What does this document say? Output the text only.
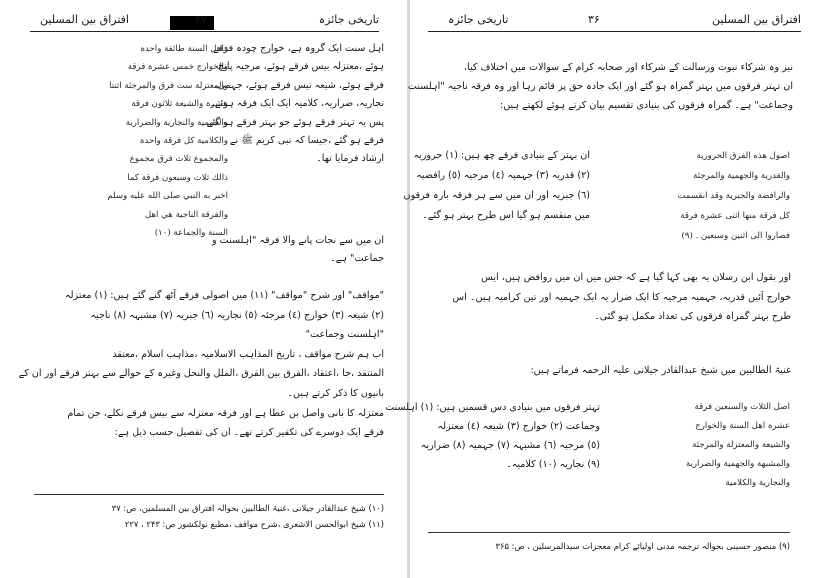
تاریخی جائزہ
۳۷
افتراق بین المسلین
اہل سنت ایک گروہ ہے، خوارج چودہ فرقے
ہوئے ،معتزلہ بیس فرقے ہوئے، مرجیہ پانچ
فرقے ہوئے، شیعہ تیس فرقے ہوئے، جہمی،
نجاریہ، ضراریہ، کلامیہ ایک ایک فرقہ ہوئے۔
پس یہ تہتر فرقے ہوئے جو بہتر فرقے ہو گئے۔
فرقے ہو گئے ،جیسا کہ نبی کریم ﷺ نے
ارشاد فرمایا تھا۔
فاهل السنة طائفة واحدة
والخوارج خمس عشرة فرقة
والمعتزلة ست فرق والمرجئة اثنتا
عشرة والشيعة ثلاثون فرقة
والجهمية والنجارية والضرارية
والكلامية كل فرقة واحدة
والمجموع ثلاث فرق مجموع
ذالك ثلاث وسبعون فرقة كما
اخبر به النبي صلى الله عليه وسلم
والفرقة الناجية هي اهل
السنة والجماعة (١٠)
ان میں سے نجات پانے والا فرقہ "اہلسنت و
جماعت" ہے۔
"مواقف" اور شرح "مواقف" (١١) میں اصولی فرقے آٹھ گنے گئے ہیں: (١) معتزلہ
(٢) شیعہ (٣) خوارج (٤) مرجئہ (٥) نجاریہ (٦) جبریہ (٧) مشبہہ (٨) ناجیہ
"اہلسنت وجماعت"
اب ہم شرح مواقف ، تاریخ المذاہب الاسلامیہ ،مذاہب اسلام ،معتقد
المنتقد ،جا ،اعتقاد ،الفرق بین الفرق ،الملل والنحل وغیرہ کے حوالے سے بہتر فرقے اور ان کے
بانیوں کا ذکر کرتے ہیں۔
معتزلہ کا بانی واصل بن عطا ہے اور فرقہ معتزلہ سے بیس فرقے نکلے، جن تمام
فرقے ایک دوسرے کی تکفیر کرتے تھے۔ ان کی تفصیل حسب ذیل ہے:
(١٠) شیخ عبدالقادر جیلانی ،غنیۃ الطالبین بحوالہ افتراق بین المسلمین، ص: ۳۷
(١١) شیخ ابوالحسن الاشعری ،شرح مواقف ،مطبع نولکشور ص: ۲۴۳ ، ۲۲۷
افتراق بین المسلین
۳۶
تاریخی جائزہ
نیز وہ شرکاء نبوت ورسالت کے شرکاء اور صحابہ کرام کے سوالات میں اختلاف کیا،
ان تہتر فرقوں میں بہتر گمراہ ہو گئے اور ایک جادہ حق پر قائم رہا اور وہ فرقہ ناجیہ "اہلسنت
وجماعت" ہے۔ گمراہ فرقوں کی بنیادی تقسیم بیان کرتے ہوئے لکھتے ہیں:
ان بہتر کے بنیادی فرقے چھ ہیں: (١) حروریہ
(٢) قدریہ (٣) جہمیہ (٤) مرجیہ (٥) رافضیہ
(٦) جبریہ اور ان میں سے ہر فرقہ بارہ فرقوں
میں منقسم ہو گیا اس طرح بہتر ہو گئے۔
اصول هذه الفرق الحرورية
والقدرية والجهمية والمرجئة
والرافضة والجبرية وقد انقسمت
كل فرقة منها اثنى عشرة فرقة
فصاروا الى اثنين وسبعين . (٩)
اور بقول ابن رسلان یہ بھی کہا گیا ہے کہ جس میں ان میں روافض ہیں، ایس
خوارج آئیں قدریہ، جہمیہ مرجیہ کا ایک ضرار یہ ایک جہمیہ اور تین کرامیہ ہیں۔ اس
طرح بہتر گمراہ فرقوں کی تعداد مکمل ہو گئی۔
غنیۃ الطالبین میں شیخ عبدالقادر جیلانی علیہ الرحمہ فرماتے ہیں:
تہتر فرقوں میں بنیادی دس قسمیں ہیں: (١) اہلسنت
وجماعت (٢) خوارج (٣) شیعہ (٤) معتزلہ
(٥) مرجیہ (٦) مشبہہ (٧) جہمیہ (٨) ضراریہ
(٩) نجاریہ (١٠) کلامیہ۔
اصل الثلاث والسبعين فرقة
عشرة اهل السنة والخوارج
والشيعة والمعتزلة والمرجئة
والمشبهة والجهمية والضرارية
والنجارية والكلامية
(٩) منصور حسینی بحوالہ ترجمہ مدنی اولیائے کرام معجزات سیدالمرسلین ، ص: ۳۶۵
